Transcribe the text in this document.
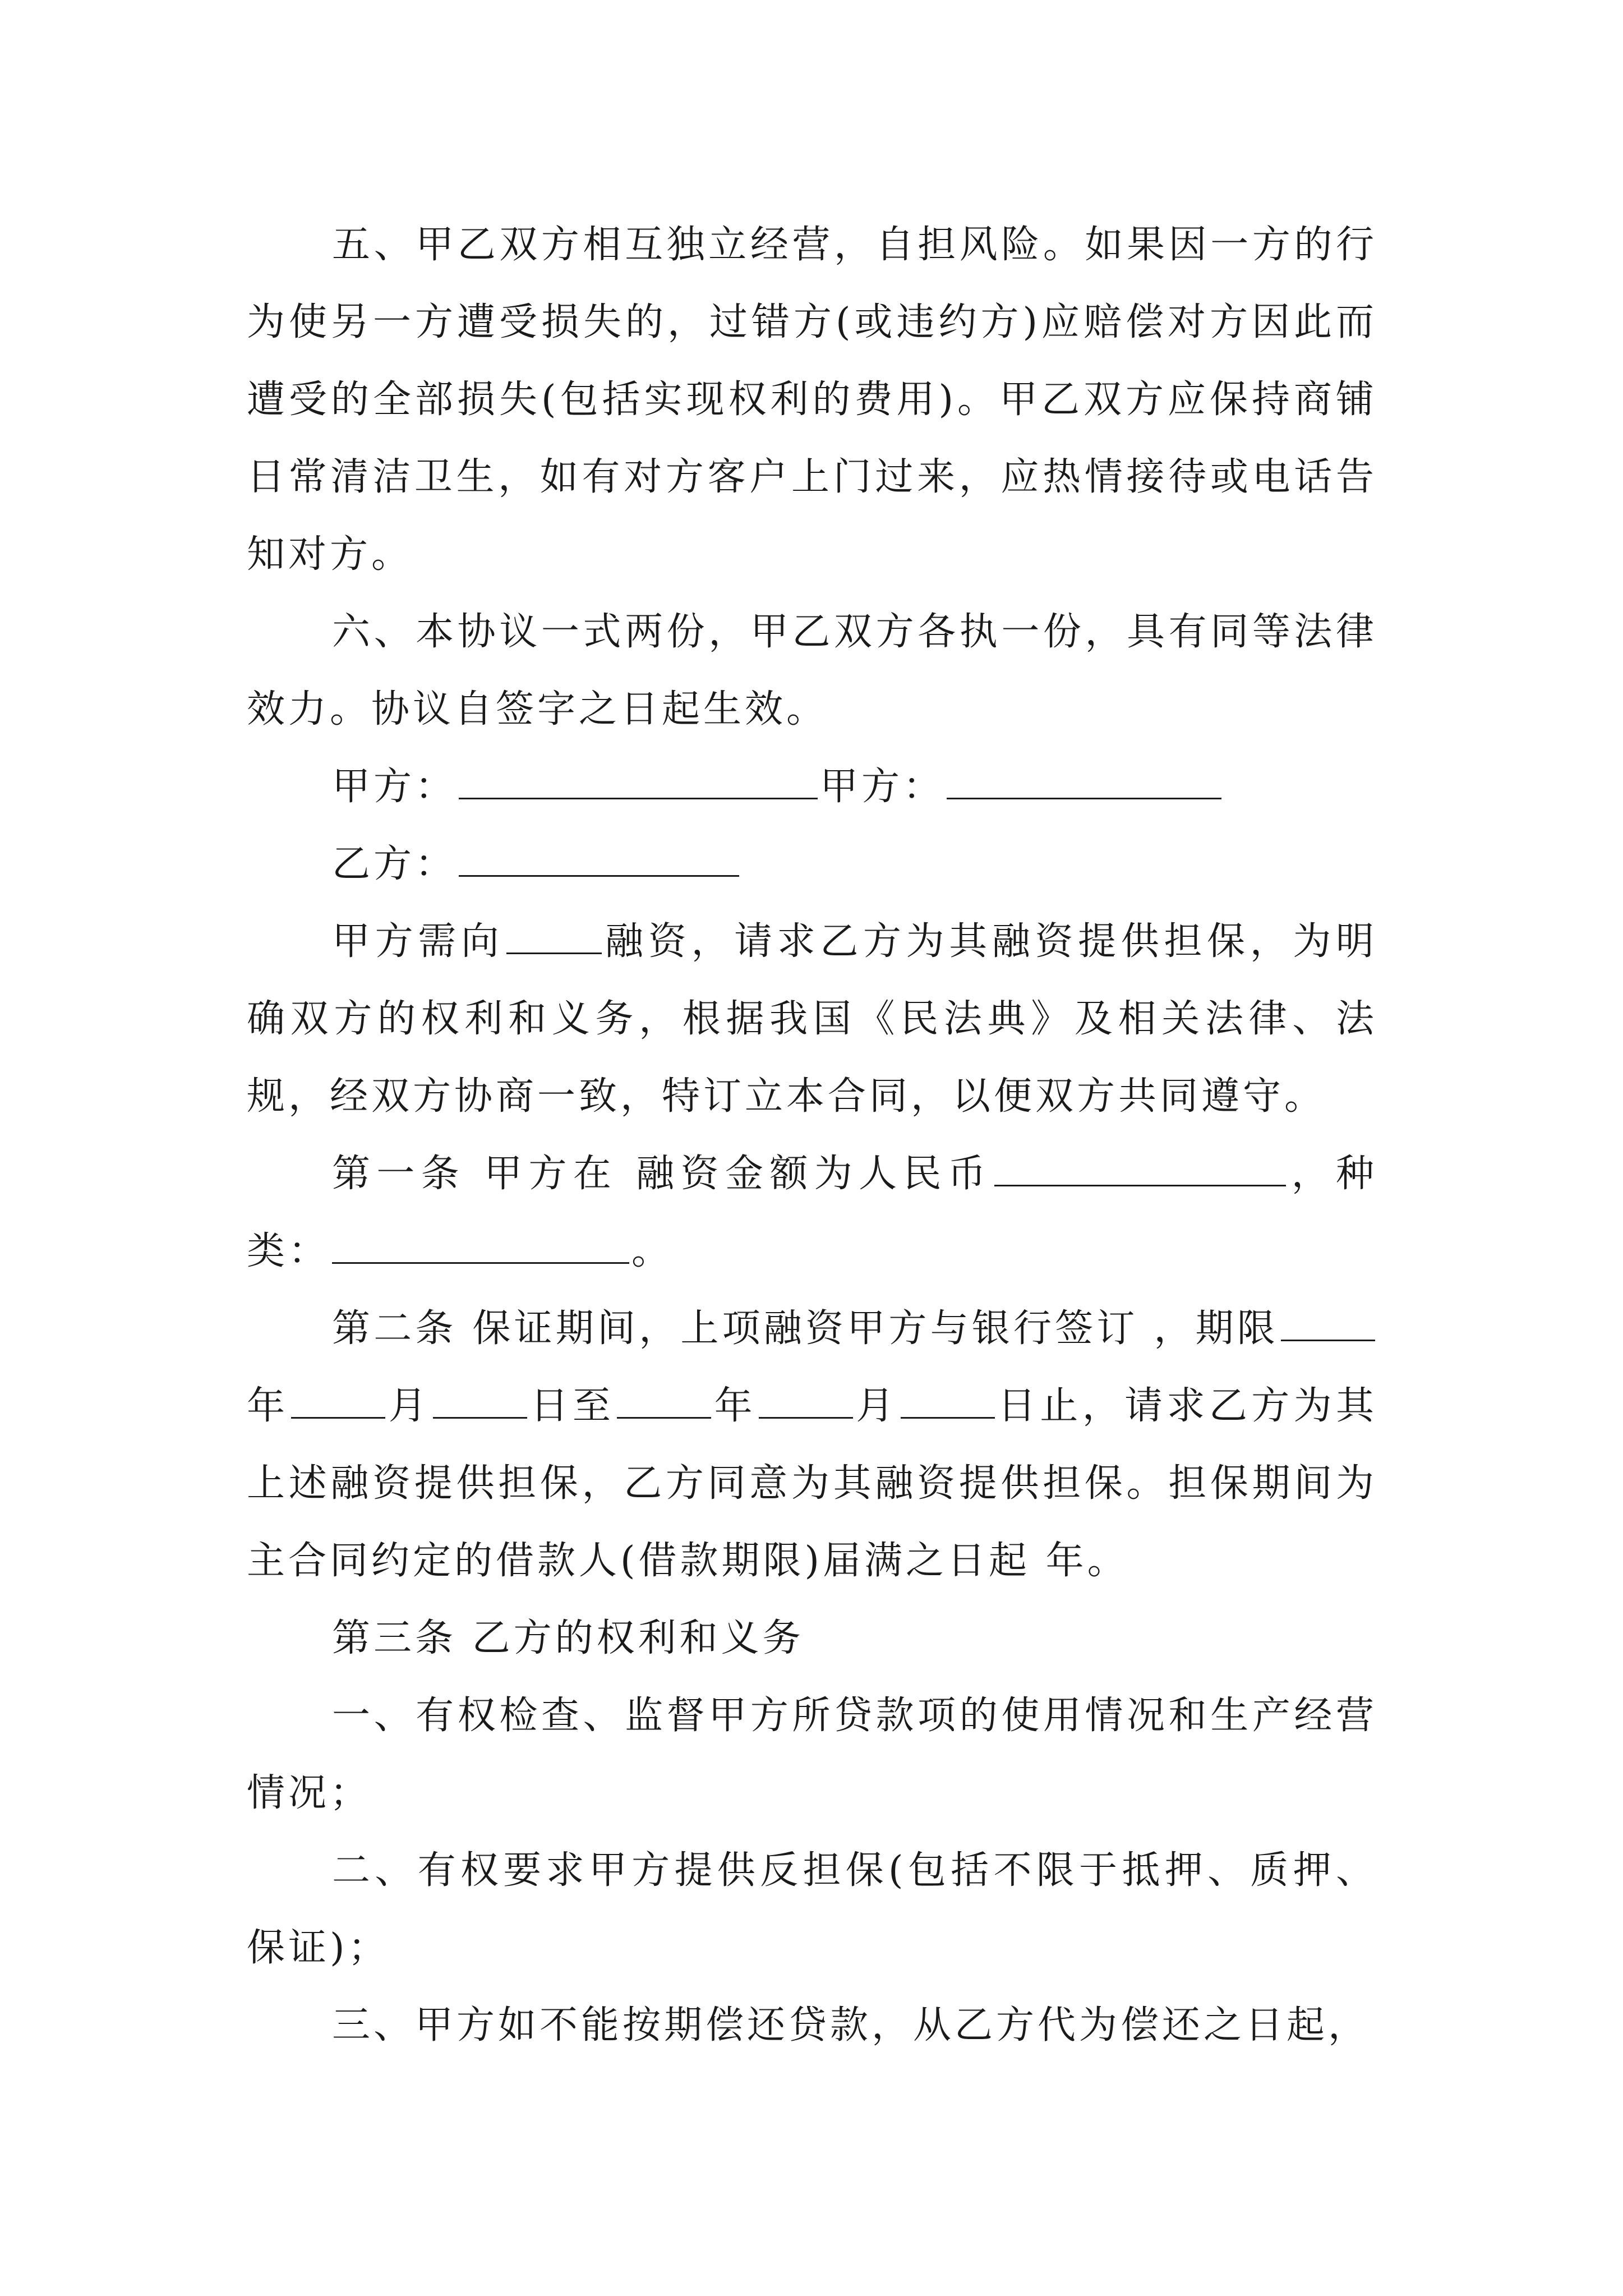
五、甲乙双方相互独立经营，自担风险。如果因一方的行为使另一方遭受损失的，过错方(或违约方)应赔偿对方因此而遭受的全部损失(包括实现权利的费用)。甲乙双方应保持商铺日常清洁卫生，如有对方客户上门过来，应热情接待或电话告知对方。

六、本协议一式两份，甲乙双方各执一份，具有同等法律效力。协议自签字之日起生效。

甲方：	甲方：

乙方：

甲方需向	融资，请求乙方为其融资提供担保，为明确双方的权利和义务，根据我国《民法典》及相关法律、法规，经双方协商一致，特订立本合同，以便双方共同遵守。

第一条 甲方在 融资金额为人民币	，种类：	。

第二条 保证期间，上项融资甲方与银行签订 ，期限年	月	日至	年	月	日止，请求乙方为其上述融资提供担保，乙方同意为其融资提供担保。担保期间为主合同约定的借款人(借款期限)届满之日起 年。

第三条 乙方的权利和义务

一、有权检查、监督甲方所贷款项的使用情况和生产经营情况；

二、有权要求甲方提供反担保(包括不限于抵押、质押、保证)；

三、甲方如不能按期偿还贷款，从乙方代为偿还之日起，
